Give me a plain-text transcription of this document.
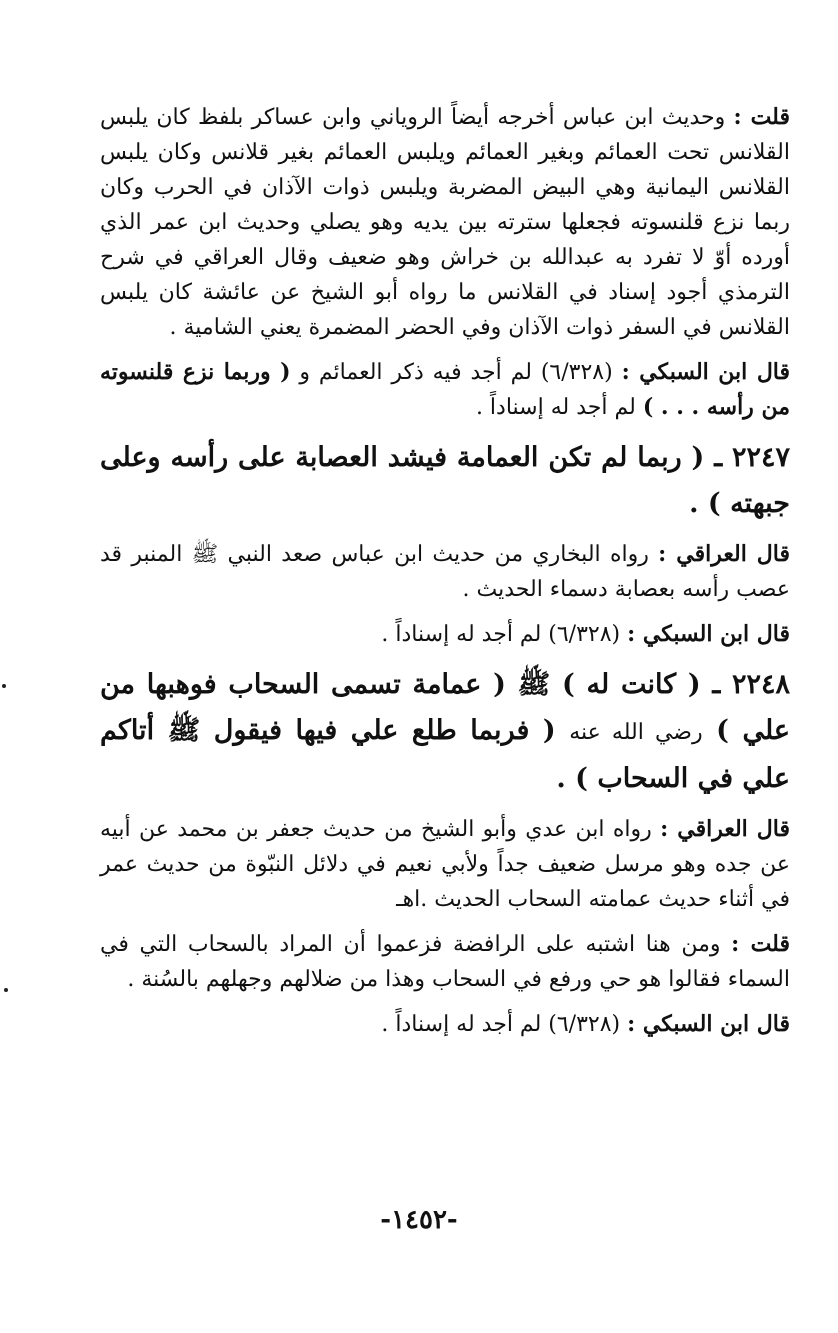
قلت : وحديث ابن عباس أخرجه أيضاً الروياني وابن عساكر بلفظ كان يلبس القلانس تحت العمائم وبغير العمائم ويلبس العمائم بغير قلانس وكان يلبس القلانس اليمانية وهي البيض المضربة ويلبس ذوات الآذان في الحرب وكان ربما نزع قلنسوته فجعلها سترته بين يديه وهو يصلي وحديث ابن عمر الذي أورده أوّ لا تفرد به عبدالله بن خراش وهو ضعيف وقال العراقي في شرح الترمذي أجود إسناد في القلانس ما رواه أبو الشيخ عن عائشة كان يلبس القلانس في السفر ذوات الآذان وفي الحضر المضمرة يعني الشامية .

قال ابن السبكي : (٦/٣٢٨) لم أجد فيه ذكر العمائم و ( وربما نزع قلنسوته من رأسه . . . ) لم أجد له إسناداً .

٢٢٤٧ ـ ( ربما لم تكن العمامة فيشد العصابة على رأسه وعلى جبهته ) .

قال العراقي : رواه البخاري من حديث ابن عباس صعد النبي ﷺ المنبر قد عصب رأسه بعصابة دسماء الحديث .

قال ابن السبكي : (٦/٣٢٨) لم أجد له إسناداً .

٢٢٤٨ ـ ( كانت له ) ﷺ ( عمامة تسمى السحاب فوهبها من علي ) رضي الله عنه ( فربما طلع علي فيها فيقول ﷺ أتاكم علي في السحاب ) .

قال العراقي : رواه ابن عدي وأبو الشيخ من حديث جعفر بن محمد عن أبيه عن جده وهو مرسل ضعيف جداً ولأبي نعيم في دلائل النبّوة من حديث عمر في أثناء حديث عمامته السحاب الحديث .اهـ

قلت : ومن هنا اشتبه على الرافضة فزعموا أن المراد بالسحاب التي في السماء فقالوا هو حي ورفع في السحاب وهذا من ضلالهم وجهلهم بالسُنة .

قال ابن السبكي : (٦/٣٢٨) لم أجد له إسناداً .

-١٤٥٢-
